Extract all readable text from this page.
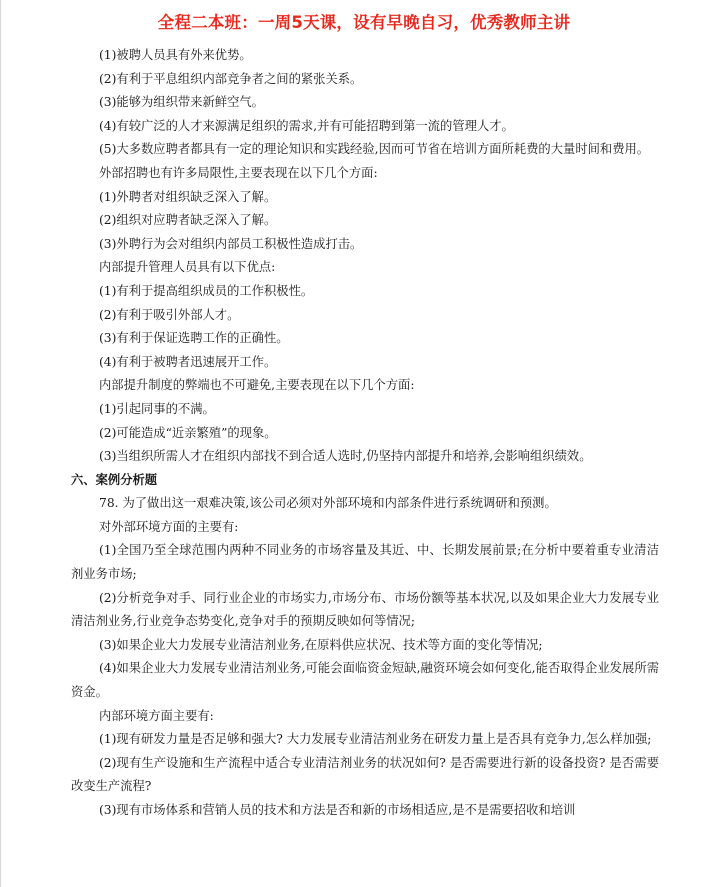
全程二本班：一周5天课，设有早晚自习，优秀教师主讲

(1)被聘人员具有外来优势。

(2)有利于平息组织内部竞争者之间的紧张关系。

(3)能够为组织带来新鲜空气。

(4)有较广泛的人才来源满足组织的需求,并有可能招聘到第一流的管理人才。

(5)大多数应聘者都具有一定的理论知识和实践经验,因而可节省在培训方面所耗费的大量时间和费用。

外部招聘也有许多局限性,主要表现在以下几个方面:

(1)外聘者对组织缺乏深入了解。

(2)组织对应聘者缺乏深入了解。

(3)外聘行为会对组织内部员工积极性造成打击。

内部提升管理人员具有以下优点:

(1)有利于提高组织成员的工作积极性。

(2)有利于吸引外部人才。

(3)有利于保证选聘工作的正确性。

(4)有利于被聘者迅速展开工作。

内部提升制度的弊端也不可避免,主要表现在以下几个方面:

(1)引起同事的不满。

(2)可能造成“近亲繁殖”的现象。

(3)当组织所需人才在组织内部找不到合适人选时,仍坚持内部提升和培养,会影响组织绩效。

六、案例分析题

78. 为了做出这一艰难决策,该公司必须对外部环境和内部条件进行系统调研和预测。

对外部环境方面的主要有:

(1)全国乃至全球范围内两种不同业务的市场容量及其近、中、长期发展前景;在分析中要着重专业清洁剂业务市场;

(2)分析竞争对手、同行业企业的市场实力,市场分布、市场份额等基本状况,以及如果企业大力发展专业清洁剂业务,行业竞争态势变化,竞争对手的预期反映如何等情况;

(3)如果企业大力发展专业清洁剂业务,在原料供应状况、技术等方面的变化等情况;

(4)如果企业大力发展专业清洁剂业务,可能会面临资金短缺,融资环境会如何变化,能否取得企业发展所需资金。

内部环境方面主要有:

(1)现有研发力量是否足够和强大? 大力发展专业清洁剂业务在研发力量上是否具有竞争力,怎么样加强;

(2)现有生产设施和生产流程中适合专业清洁剂业务的状况如何? 是否需要进行新的设备投资? 是否需要改变生产流程?

(3)现有市场体系和营销人员的技术和方法是否和新的市场相适应,是不是需要招收和培训
